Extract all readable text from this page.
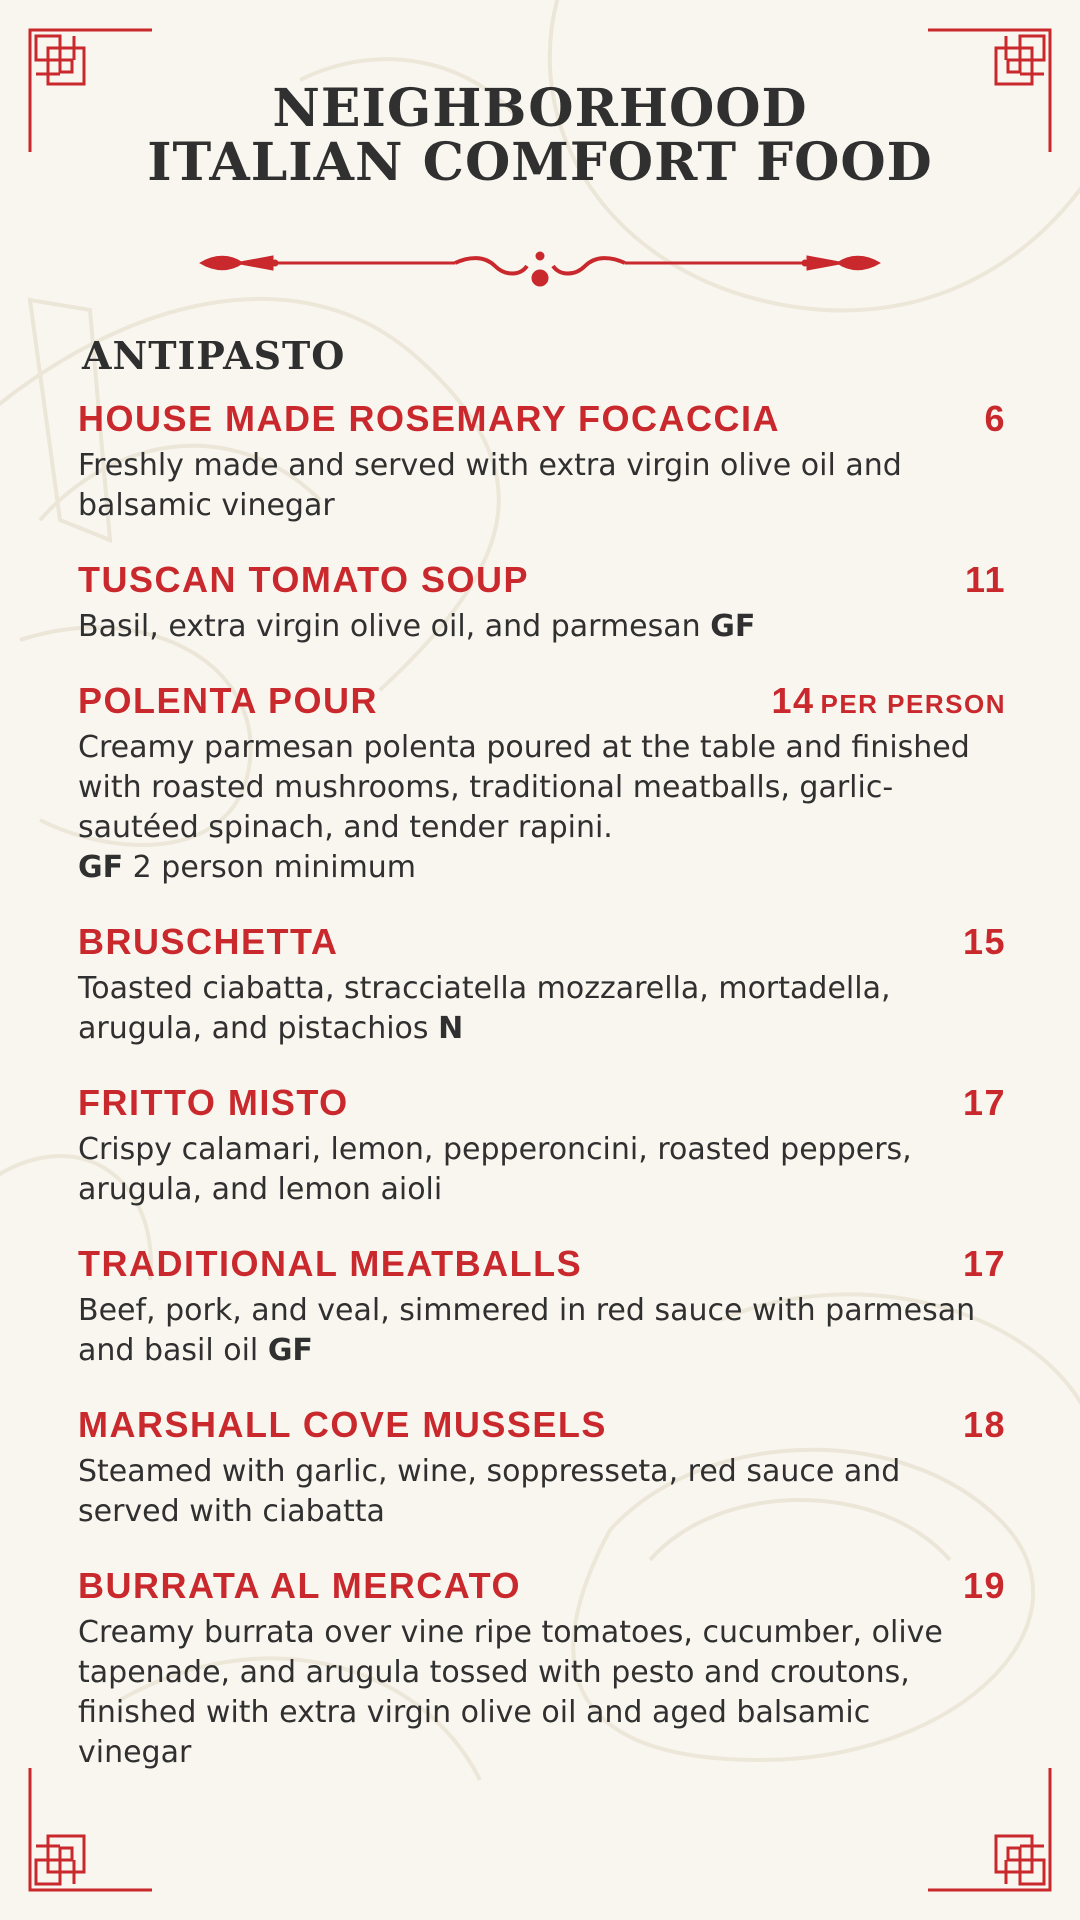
NEIGHBORHOOD
ITALIAN COMFORT FOOD
ANTIPASTO
HOUSE MADE ROSEMARY FOCACCIA	6
Freshly made and served with extra virgin olive oil and balsamic vinegar
TUSCAN TOMATO SOUP	11
Basil, extra virgin olive oil, and parmesan GF
POLENTA POUR	14 PER PERSON
Creamy parmesan polenta poured at the table and finished with roasted mushrooms, traditional meatballs, garlic-sautéed spinach, and tender rapini.
GF 2 person minimum
BRUSCHETTA	15
Toasted ciabatta, stracciatella mozzarella, mortadella, arugula, and pistachios N
FRITTO MISTO	17
Crispy calamari, lemon, pepperoncini, roasted peppers, arugula, and lemon aioli
TRADITIONAL MEATBALLS	17
Beef, pork, and veal, simmered in red sauce with parmesan and basil oil GF
MARSHALL COVE MUSSELS	18
Steamed with garlic, wine, soppresseta, red sauce and served with ciabatta
BURRATA AL MERCATO	19
Creamy burrata over vine ripe tomatoes, cucumber, olive tapenade, and arugula tossed with pesto and croutons, finished with extra virgin olive oil and aged balsamic vinegar
